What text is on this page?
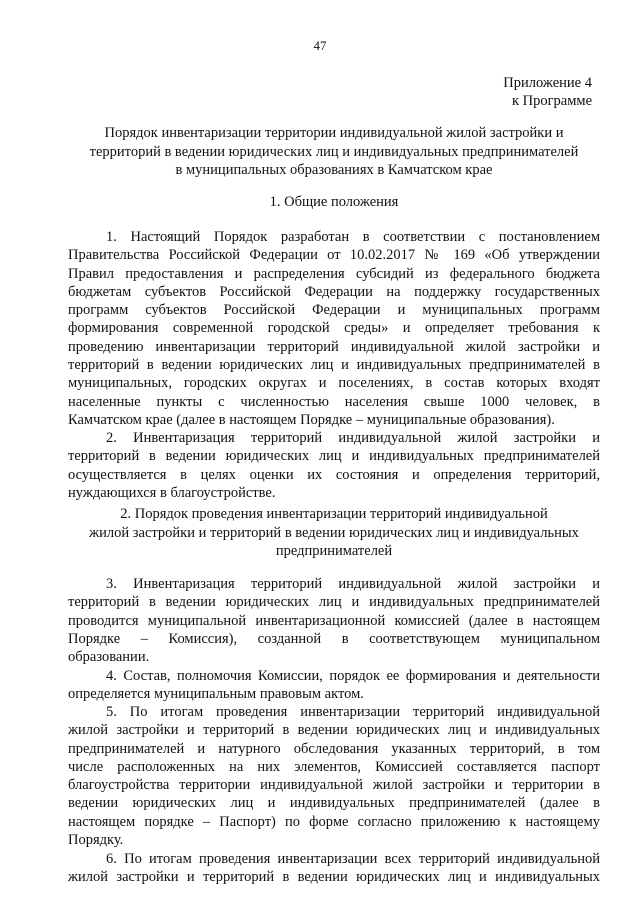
47
Приложение 4
к Программе
Порядок инвентаризации территории индивидуальной жилой застройки и
территорий в ведении юридических лиц и индивидуальных предпринимателей
в муниципальных образованиях в Камчатском крае
1. Общие положения
1. Настоящий Порядок разработан в соответствии с постановлением
Правительства Российской Федерации от 10.02.2017 № 169 «Об утверждении
Правил предоставления и распределения субсидий из федерального бюджета
бюджетам субъектов Российской Федерации на поддержку государственных
программ субъектов Российской Федерации и муниципальных программ
формирования современной городской среды» и определяет требования к
проведению инвентаризации территорий индивидуальной жилой застройки и
территорий в ведении юридических лиц и индивидуальных предпринимателей в
муниципальных, городских округах и поселениях, в состав которых входят
населенные пункты с численностью населения свыше 1000 человек, в
Камчатском крае (далее в настоящем Порядке – муниципальные образования).
2. Инвентаризация территорий индивидуальной жилой застройки и
территорий в ведении юридических лиц и индивидуальных предпринимателей
осуществляется в целях оценки их состояния и определения территорий,
нуждающихся в благоустройстве.
2. Порядок проведения инвентаризации территорий индивидуальной
жилой застройки и территорий в ведении юридических лиц и индивидуальных
предпринимателей
3. Инвентаризация территорий индивидуальной жилой застройки и
территорий в ведении юридических лиц и индивидуальных предпринимателей
проводится муниципальной инвентаризационной комиссией (далее в настоящем
Порядке – Комиссия), созданной в соответствующем муниципальном
образовании.
4. Состав, полномочия Комиссии, порядок ее формирования и деятельности
определяется муниципальным правовым актом.
5. По итогам проведения инвентаризации территорий индивидуальной
жилой застройки и территорий в ведении юридических лиц и индивидуальных
предпринимателей и натурного обследования указанных территорий, в том
числе расположенных на них элементов, Комиссией составляется паспорт
благоустройства территории индивидуальной жилой застройки и территории в
ведении юридических лиц и индивидуальных предпринимателей (далее в
настоящем порядке – Паспорт) по форме согласно приложению к настоящему
Порядку.
6. По итогам проведения инвентаризации всех территорий индивидуальной
жилой застройки и территорий в ведении юридических лиц и индивидуальных
